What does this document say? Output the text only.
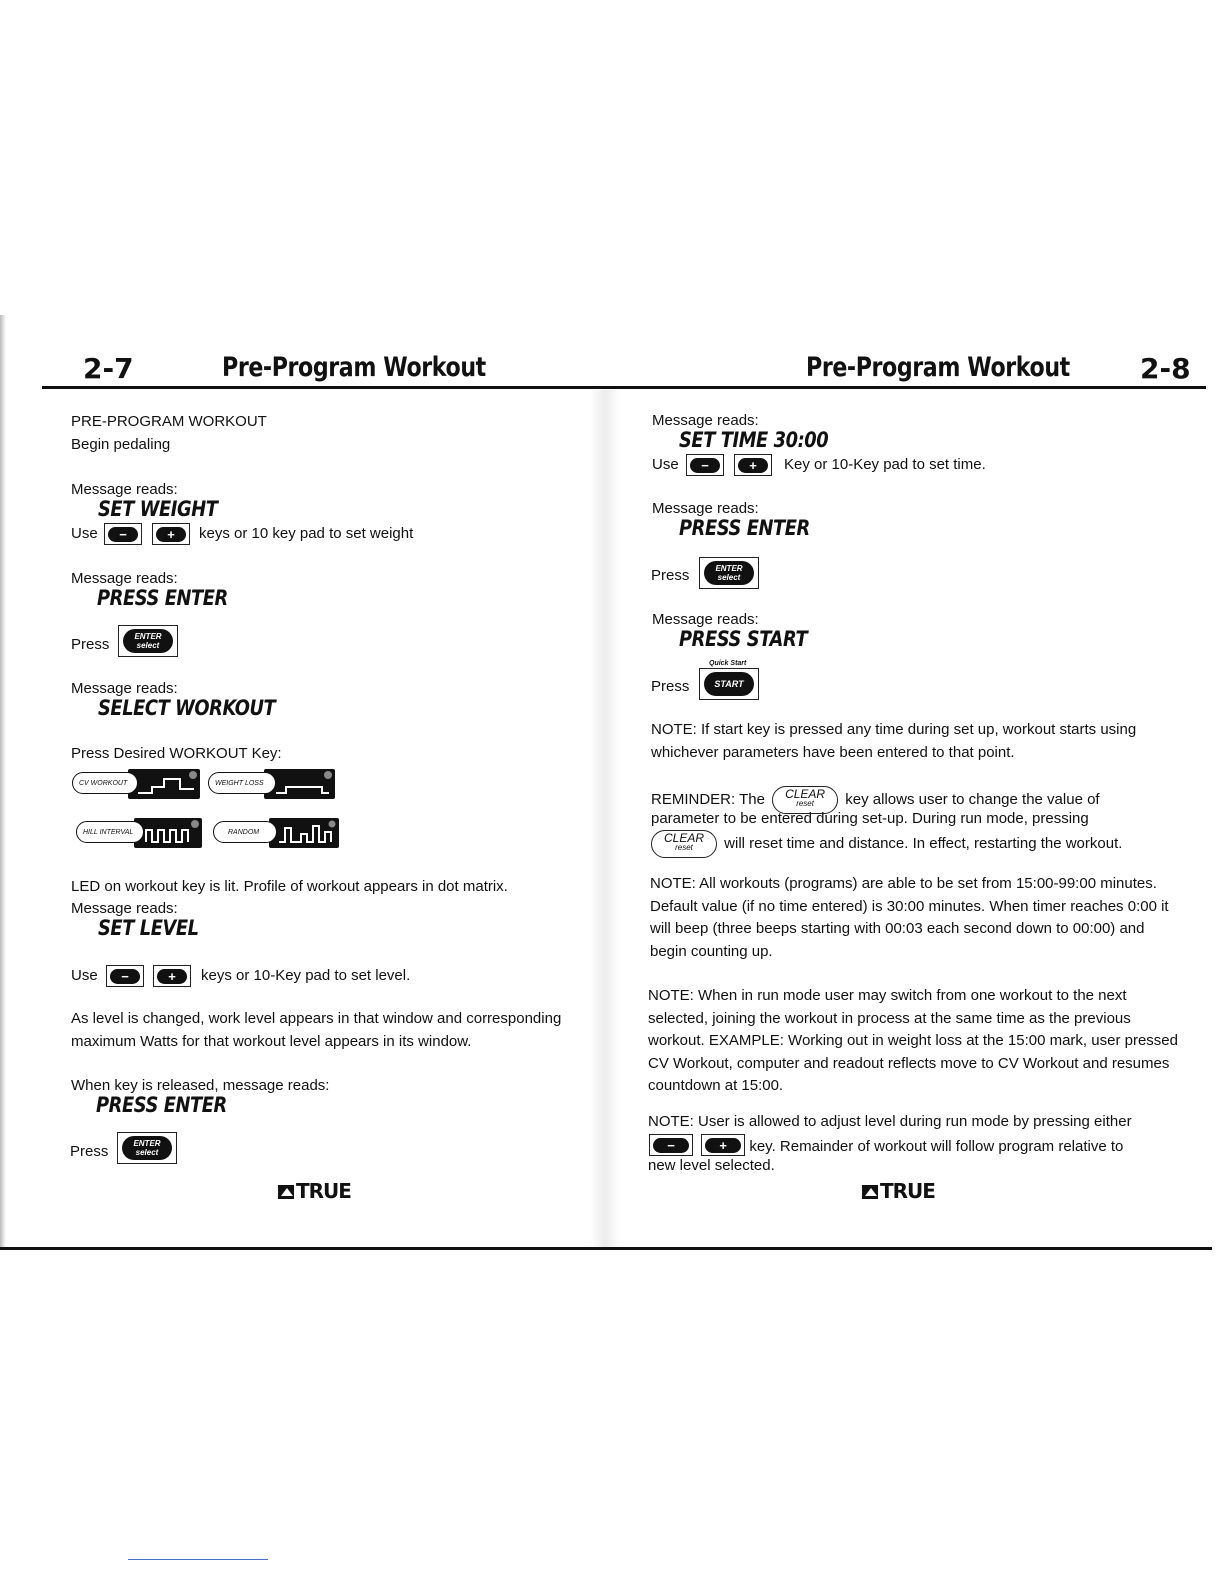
2-7	Pre-Program Workout
PRE-PROGRAM WORKOUT
Begin pedaling
Message reads:
SET WEIGHT
Use	−	+	keys or 10 key pad to set weight
Message reads:
PRESS ENTER
Press	ENTER
select
Message reads:
SELECT WORKOUT
Press Desired WORKOUT Key:
CV WORKOUT	WEIGHT LOSS
HILL INTERVAL	RANDOM
LED on workout key is lit. Profile of workout appears in dot matrix.
Message reads:
SET LEVEL
Use	−	+	keys or 10-Key pad to set level.
As level is changed, work level appears in that window and corresponding maximum Watts for that workout level appears in its window.
When key is released, message reads:
PRESS ENTER
Press	ENTER
select
TRUE
Pre-Program Workout	2-8
Message reads:
SET TIME 30:00
Use	−	+	Key or 10-Key pad to set time.
Message reads:
PRESS ENTER
Press	ENTER
select
Message reads:
PRESS START
Quick Start
Press	START
NOTE: If start key is pressed any time during set up, workout starts using whichever parameters have been entered to that point.
REMINDER: The	CLEAR
reset	key allows user to change the value of
parameter to be entered during set-up. During run mode, pressing
CLEAR
reset	will reset time and distance. In effect, restarting the workout.
NOTE: All workouts (programs) are able to be set from 15:00-99:00 minutes. Default value (if no time entered) is 30:00 minutes. When timer reaches 0:00 it will beep (three beeps starting with 00:03 each second down to 00:00) and begin counting up.
NOTE: When in run mode user may switch from one workout to the next selected, joining the workout in process at the same time as the previous workout. EXAMPLE: Working out in weight loss at the 15:00 mark, user pressed CV Workout, computer and readout reflects move to CV Workout and resumes countdown at 15:00.
NOTE: User is allowed to adjust level during run mode by pressing either
−
	+	key. Remainder of workout will follow program relative to
new level selected.
TRUE
